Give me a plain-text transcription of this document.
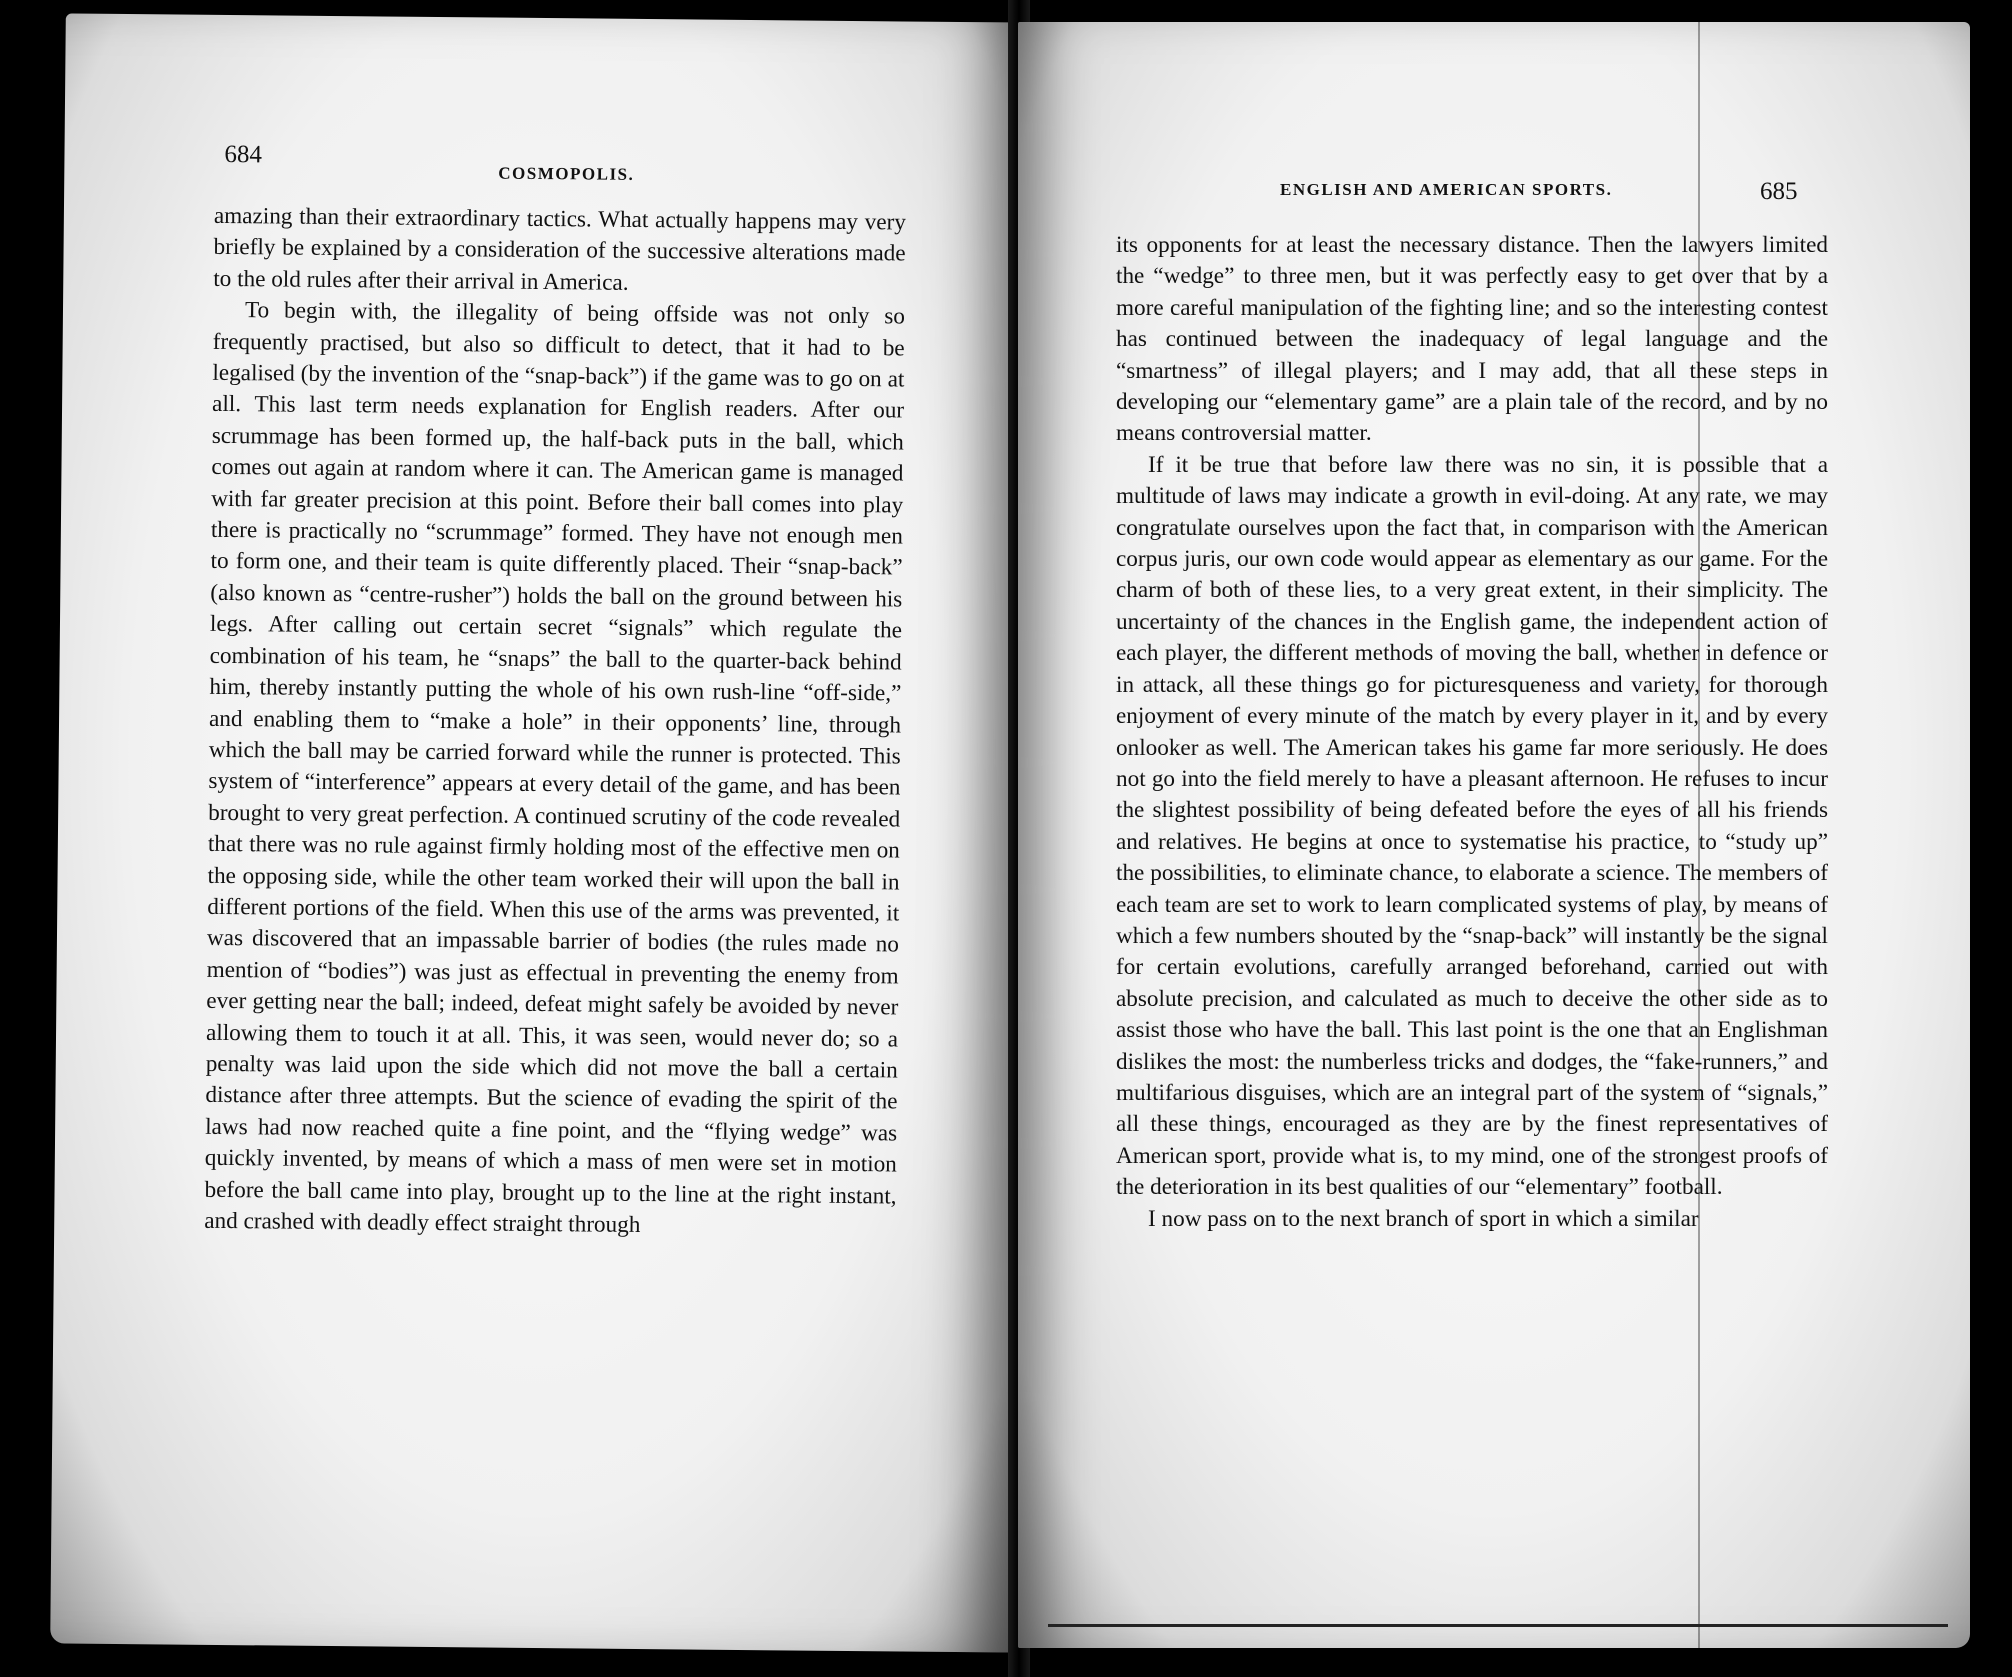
684
COSMOPOLIS.

amazing than their extraordinary tactics. What actually happens may very briefly be explained by a consideration of the successive alterations made to the old rules after their arrival in America.

To begin with, the illegality of being offside was not only so frequently practised, but also so difficult to detect, that it had to be legalised (by the invention of the “snap-back”) if the game was to go on at all. This last term needs explanation for English readers. After our scrummage has been formed up, the half-back puts in the ball, which comes out again at random where it can. The American game is managed with far greater precision at this point. Before their ball comes into play there is practically no “scrummage” formed. They have not enough men to form one, and their team is quite differently placed. Their “snap-back” (also known as “centre-rusher”) holds the ball on the ground between his legs. After calling out certain secret “signals” which regulate the combination of his team, he “snaps” the ball to the quarter-back behind him, thereby instantly putting the whole of his own rush-line “off-side,” and enabling them to “make a hole” in their opponents’ line, through which the ball may be carried forward while the runner is protected. This system of “interference” appears at every detail of the game, and has been brought to very great perfection. A continued scrutiny of the code revealed that there was no rule against firmly holding most of the effective men on the opposing side, while the other team worked their will upon the ball in different portions of the field. When this use of the arms was prevented, it was discovered that an impassable barrier of bodies (the rules made no mention of “bodies”) was just as effectual in preventing the enemy from ever getting near the ball; indeed, defeat might safely be avoided by never allowing them to touch it at all. This, it was seen, would never do; so a penalty was laid upon the side which did not move the ball a certain distance after three attempts. But the science of evading the spirit of the laws had now reached quite a fine point, and the “flying wedge” was quickly invented, by means of which a mass of men were set in motion before the ball came into play, brought up to the line at the right instant, and crashed with deadly effect straight through

ENGLISH AND AMERICAN SPORTS.	685

its opponents for at least the necessary distance. Then the lawyers limited the “wedge” to three men, but it was perfectly easy to get over that by a more careful manipulation of the fighting line; and so the interesting contest has continued between the inadequacy of legal language and the “smartness” of illegal players; and I may add, that all these steps in developing our “elementary game” are a plain tale of the record, and by no means controversial matter.

If it be true that before law there was no sin, it is possible that a multitude of laws may indicate a growth in evil-doing. At any rate, we may congratulate ourselves upon the fact that, in comparison with the American corpus juris, our own code would appear as elementary as our game. For the charm of both of these lies, to a very great extent, in their simplicity. The uncertainty of the chances in the English game, the independent action of each player, the different methods of moving the ball, whether in defence or in attack, all these things go for picturesqueness and variety, for thorough enjoyment of every minute of the match by every player in it, and by every onlooker as well. The American takes his game far more seriously. He does not go into the field merely to have a pleasant afternoon. He refuses to incur the slightest possibility of being defeated before the eyes of all his friends and relatives. He begins at once to systematise his practice, to “study up” the possibilities, to eliminate chance, to elaborate a science. The members of each team are set to work to learn complicated systems of play, by means of which a few numbers shouted by the “snap-back” will instantly be the signal for certain evolutions, carefully arranged beforehand, carried out with absolute precision, and calculated as much to deceive the other side as to assist those who have the ball. This last point is the one that an Englishman dislikes the most: the numberless tricks and dodges, the “fake-runners,” and multifarious disguises, which are an integral part of the system of “signals,” all these things, encouraged as they are by the finest representatives of American sport, provide what is, to my mind, one of the strongest proofs of the deterioration in its best qualities of our “elementary” football.

I now pass on to the next branch of sport in which a similar
